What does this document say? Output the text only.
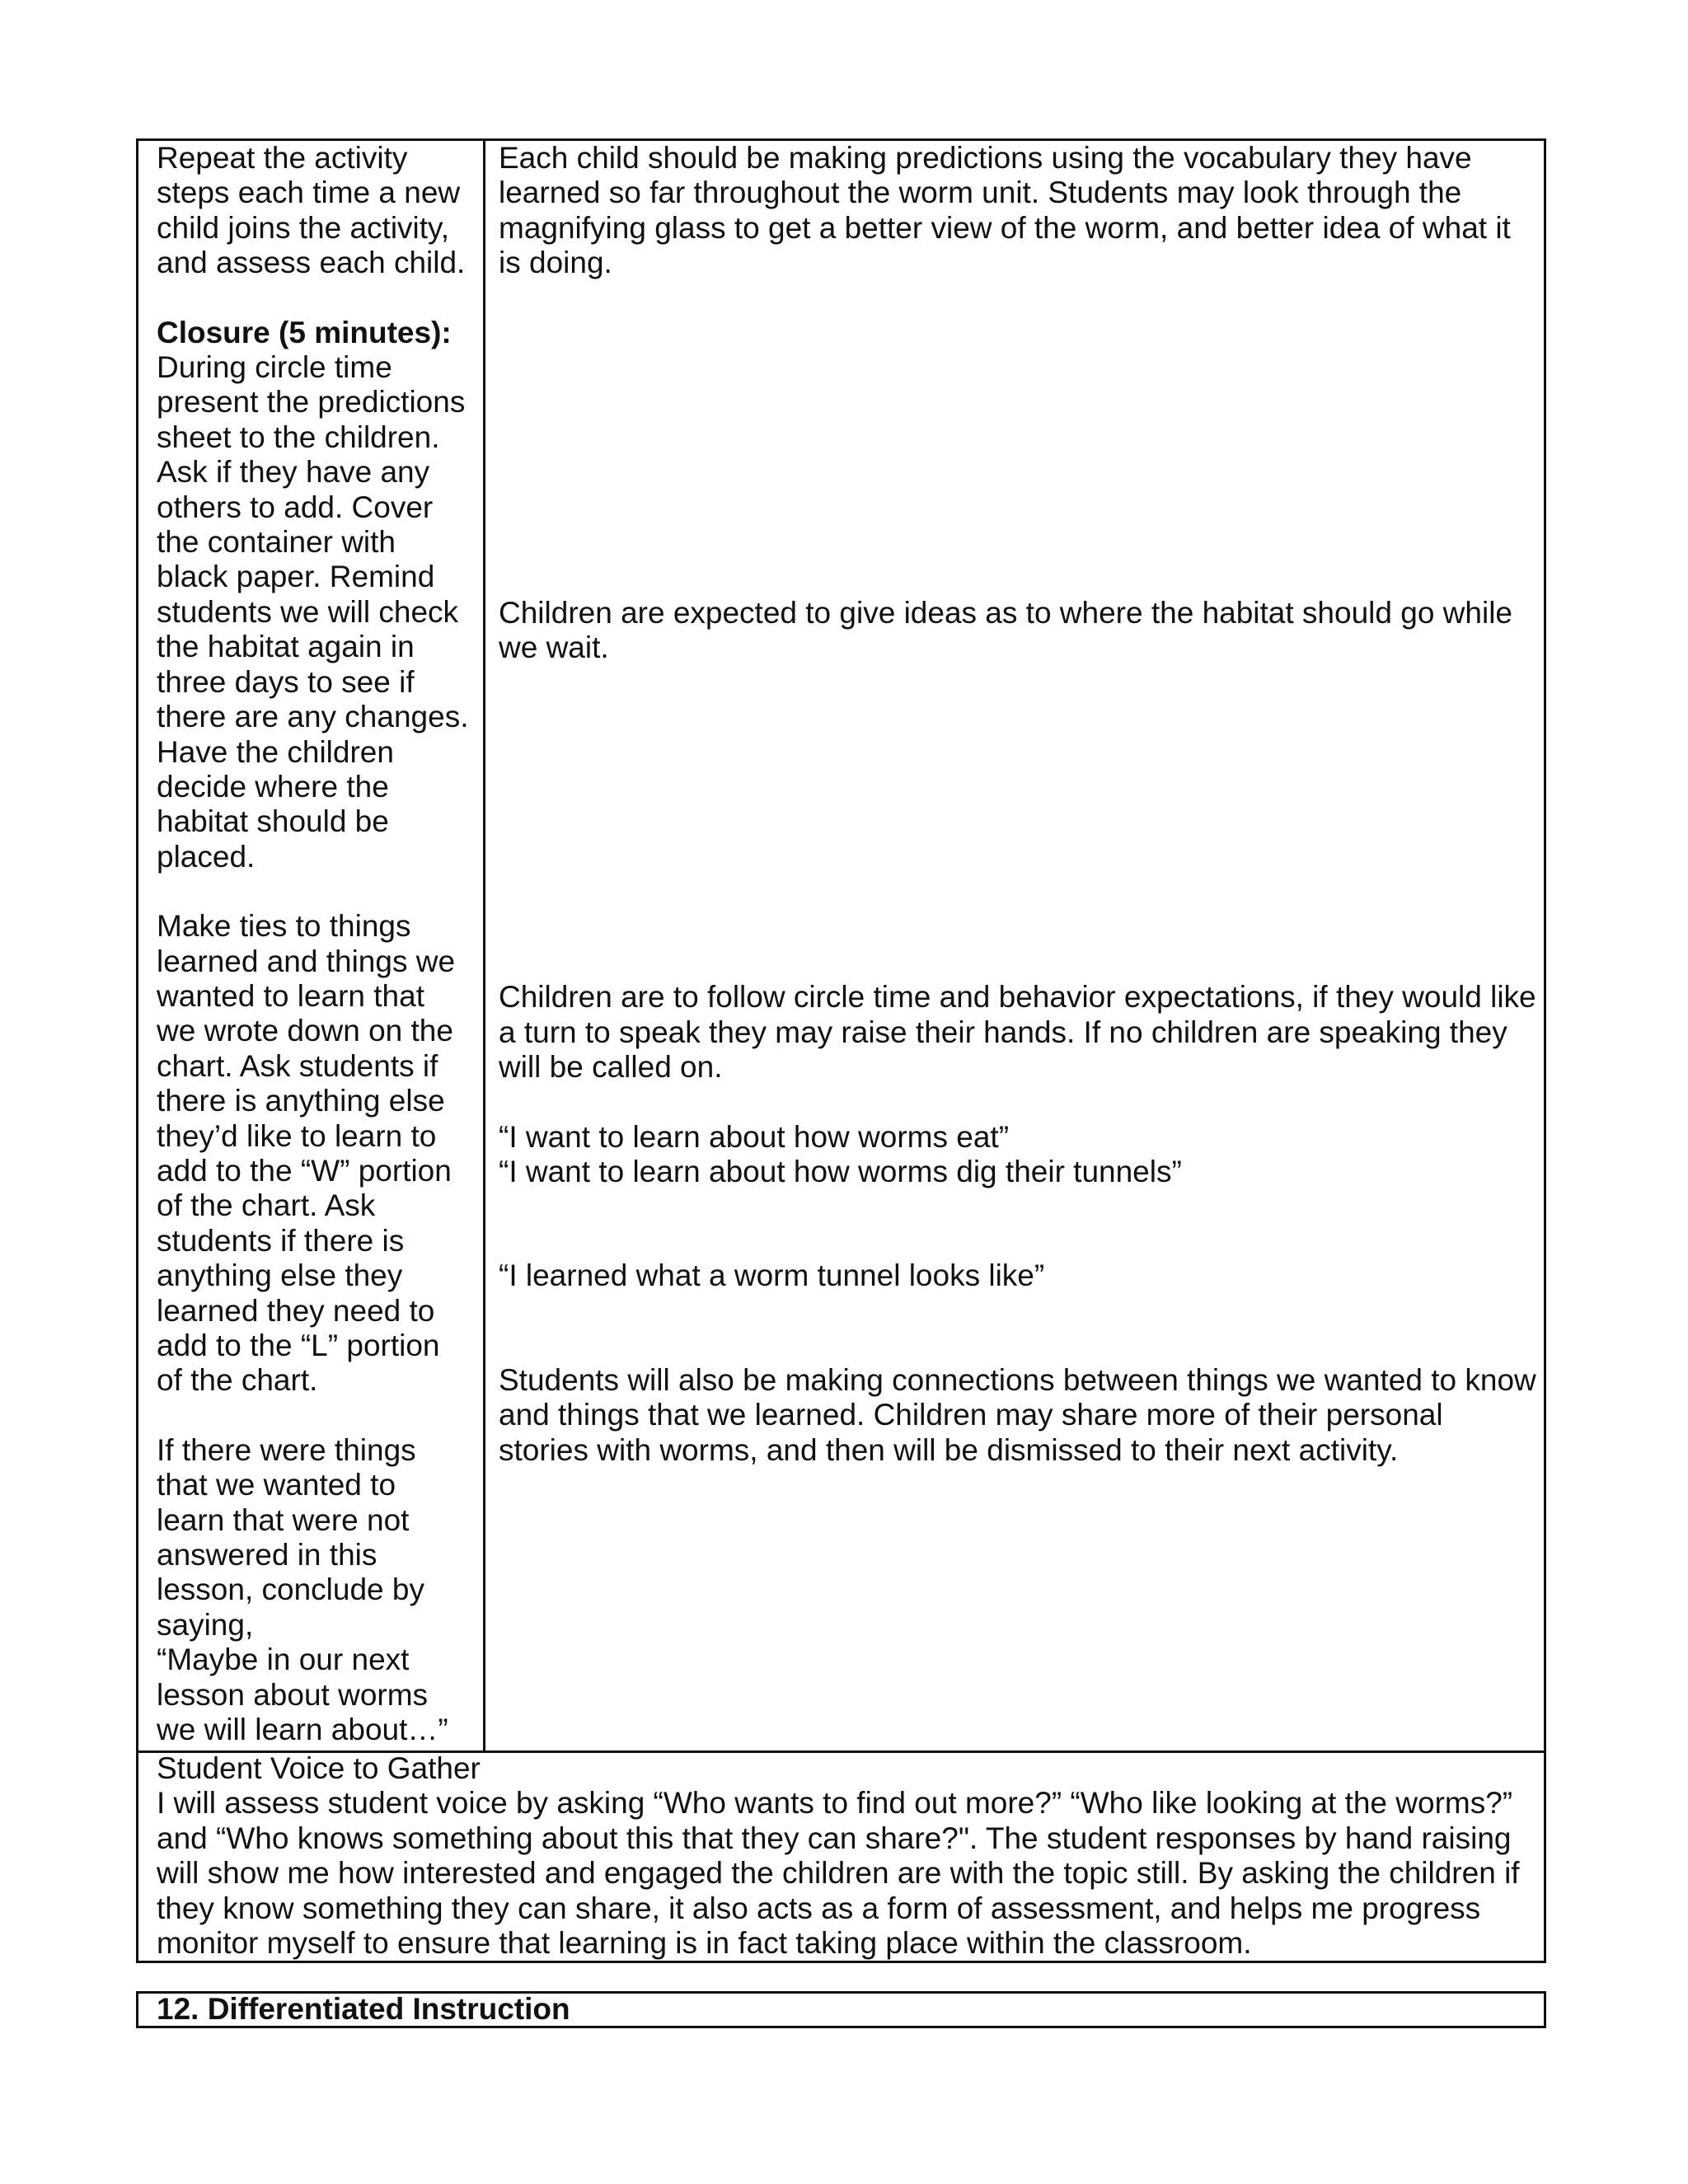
Repeat the activity
steps each time a new
child joins the activity,
and assess each child.
Closure (5 minutes):
During circle time
present the predictions
sheet to the children.
Ask if they have any
others to add. Cover
the container with
black paper. Remind
students we will check
the habitat again in
three days to see if
there are any changes.
Have the children
decide where the
habitat should be
placed.
Make ties to things
learned and things we
wanted to learn that
we wrote down on the
chart. Ask students if
there is anything else
they’d like to learn to
add to the “W” portion
of the chart. Ask
students if there is
anything else they
learned they need to
add to the “L” portion
of the chart.
If there were things
that we wanted to
learn that were not
answered in this
lesson, conclude by
saying,
“Maybe in our next
lesson about worms
we will learn about…”
Each child should be making predictions using the vocabulary they have
learned so far throughout the worm unit. Students may look through the
magnifying glass to get a better view of the worm, and better idea of what it
is doing.
Children are expected to give ideas as to where the habitat should go while
we wait.
Children are to follow circle time and behavior expectations, if they would like
a turn to speak they may raise their hands. If no children are speaking they
will be called on.
“I want to learn about how worms eat”
“I want to learn about how worms dig their tunnels”
“I learned what a worm tunnel looks like”
Students will also be making connections between things we wanted to know
and things that we learned. Children may share more of their personal
stories with worms, and then will be dismissed to their next activity.
Student Voice to Gather
I will assess student voice by asking “Who wants to find out more?” “Who like looking at the worms?”
and “Who knows something about this that they can share?". The student responses by hand raising
will show me how interested and engaged the children are with the topic still. By asking the children if
they know something they can share, it also acts as a form of assessment, and helps me progress
monitor myself to ensure that learning is in fact taking place within the classroom.
12. Differentiated Instruction
